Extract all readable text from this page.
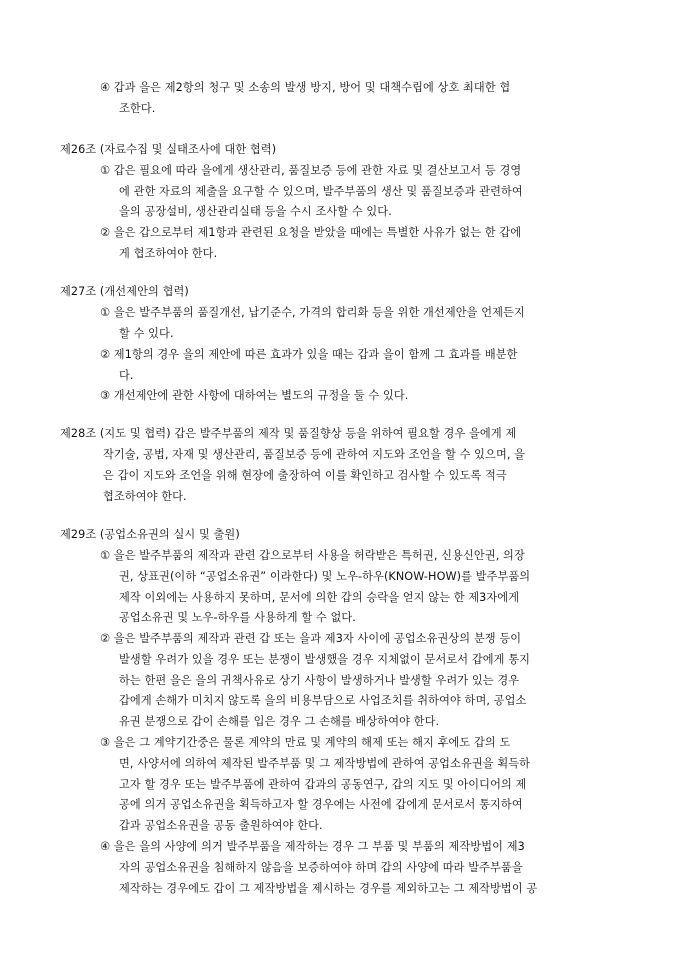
④ 갑과 을은 제2항의 청구 및 소송의 발생 방지, 방어 및 대책수립에 상호 최대한 협
조한다.
제26조 (자료수집 및 실태조사에 대한 협력)
① 갑은 필요에 따라 을에게 생산관리, 품질보증 등에 관한 자료 및 결산보고서 등 경영
에 관한 자료의 제출을 요구할 수 있으며, 발주부품의 생산 및 품질보증과 관련하여
을의 공장설비, 생산관리실태 등을 수시 조사할 수 있다.
② 을은 갑으로부터 제1항과 관련된 요청을 받았을 때에는 특별한 사유가 없는 한 갑에
게 협조하여야 한다.
제27조 (개선제안의 협력)
① 을은 발주부품의 품질개선, 납기준수, 가격의 합리화 등을 위한 개선제안을 언제든지
할 수 있다.
② 제1항의 경우 을의 제안에 따른 효과가 있을 때는 갑과 을이 함께 그 효과를 배분한
다.
③ 개선제안에 관한 사항에 대하여는 별도의 규정을 둘 수 있다.
제28조 (지도 및 협력) 갑은 발주부품의 제작 및 품질향상 등을 위하여 필요할 경우 을에게 제
작기술, 공법, 자재 및 생산관리, 품질보증 등에 관하여 지도와 조언을 할 수 있으며, 을
은 갑이 지도와 조언을 위해 현장에 출장하여 이를 확인하고 검사할 수 있도록 적극
협조하여야 한다.
제29조 (공업소유권의 실시 및 출원)
① 을은 발주부품의 제작과 관련 갑으로부터 사용을 허락받은 특허권, 신용신안권, 의장
권, 상표권(이하 “공업소유권” 이라한다) 및 노우-하우(KNOW-HOW)를 발주부품의
제작 이외에는 사용하지 못하며, 문서에 의한 갑의 승락을 얻지 않는 한 제3자에게
공업소유권 및 노우-하우를 사용하게 할 수 없다.
② 을은 발주부품의 제작과 관련 갑 또는 을과 제3자 사이에 공업소유권상의 분쟁 등이
발생할 우려가 있을 경우 또는 분쟁이 발생했을 경우 지체없이 문서로서 갑에게 통지
하는 한편 을은 을의 귀책사유로 상기 사항이 발생하거나 발생할 우려가 있는 경우
갑에게 손해가 미치지 않도록 을의 비용부담으로 사업조치를 취하여야 하며, 공업소
유권 분쟁으로 갑이 손해를 입은 경우 그 손해를 배상하여야 한다.
③ 을은 그 계약기간중은 물론 계약의 만료 및 계약의 해제 또는 해지 후에도 갑의 도
면, 사양서에 의하여 제작된 발주부품 및 그 제작방법에 관하여 공업소유권을 획득하
고자 할 경우 또는 발주부품에 관하여 갑과의 공동연구, 갑의 지도 및 아이디어의 제
공에 의거 공업소유권을 획득하고자 할 경우에는 사전에 갑에게 문서로서 통지하여
갑과 공업소유권을 공동 출원하여야 한다.
④ 을은 을의 사양에 의거 발주부품을 제작하는 경우 그 부품 및 부품의 제작방법이 제3
자의 공업소유권을 침해하지 않음을 보증하여야 하며 갑의 사양에 따라 발주부품을
제작하는 경우에도 갑이 그 제작방법을 제시하는 경우를 제외하고는 그 제작방법이 공
